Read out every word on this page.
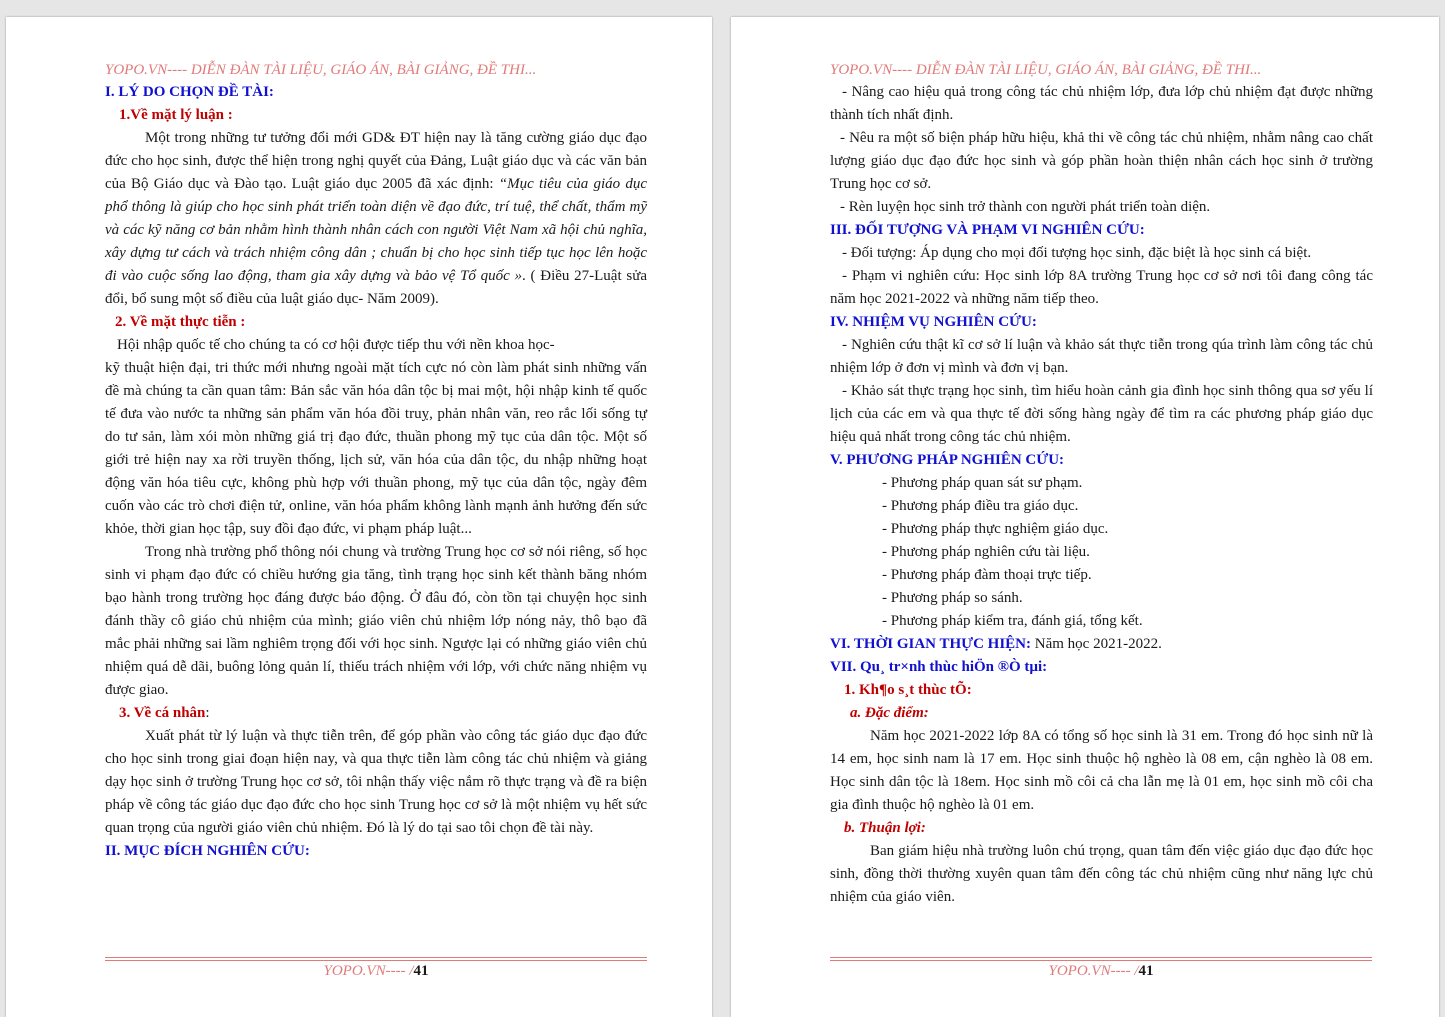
YOPO.VN---- DIỄN ĐÀN TÀI LIỆU, GIÁO ÁN, BÀI GIẢNG, ĐỀ THI...
I. LÝ DO CHỌN ĐỀ TÀI:
1.Về mặt lý luận :

Một trong những tư tưởng đổi mới GD& ĐT hiện nay là tăng cường giáo dục đạo đức cho học sinh, được thể hiện trong nghị quyết của Đảng, Luật giáo dục và các văn bản của Bộ Giáo dục và Đào tạo. Luật giáo dục 2005 đã xác định: “Mục tiêu của giáo dục phổ thông là giúp cho học sinh phát triển toàn diện về đạo đức, trí tuệ, thể chất, thẩm mỹ và các kỹ năng cơ bản nhằm hình thành nhân cách con người Việt Nam xã hội chủ nghĩa, xây dựng tư cách và trách nhiệm công dân ; chuẩn bị cho học sinh tiếp tục học lên hoặc đi vào cuộc sống lao động, tham gia xây dựng và bảo vệ Tổ quốc ». ( Điều 27-Luật sửa đổi, bổ sung một số điều của luật giáo dục- Năm 2009).

2. Về mặt thực tiễn :

Hội nhập quốc tế cho chúng ta có cơ hội được tiếp thu với nền khoa học-

kỹ thuật hiện đại, tri thức mới nhưng ngoài mặt tích cực nó còn làm phát sinh những vấn đề mà chúng ta cần quan tâm: Bản sắc văn hóa dân tộc bị mai một, hội nhập kinh tế quốc tế đưa vào nước ta những sản phẩm văn hóa đồi truỵ, phản nhân văn, reo rắc lối sống tự do tư sản, làm xói mòn những giá trị đạo đức, thuần phong mỹ tục của dân tộc. Một số giới trẻ hiện nay xa rời truyền thống, lịch sử, văn hóa của dân tộc, du nhập những hoạt động văn hóa tiêu cực, không phù hợp với thuần phong, mỹ tục của dân tộc, ngày đêm cuốn vào các trò chơi điện tử, online, văn hóa phẩm không lành mạnh ảnh hưởng đến sức khỏe, thời gian học tập, suy đồi đạo đức, vi phạm pháp luật...

Trong nhà trường phổ thông nói chung và trường Trung học cơ sở nói riêng, số học sinh vi phạm đạo đức có chiều hướng gia tăng, tình trạng học sinh kết thành băng nhóm bạo hành trong trường học đáng được báo động. Ở đâu đó, còn tồn tại chuyện học sinh đánh thầy cô giáo chủ nhiệm của mình; giáo viên chủ nhiệm lớp nóng nảy, thô bạo đã mắc phải những sai lầm nghiêm trọng đối với học sinh. Ngược lại có những giáo viên chủ nhiệm quá dễ dãi, buông lỏng quản lí, thiếu trách nhiệm với lớp, với chức năng nhiệm vụ được giao.

3. Về cá nhân:

Xuất phát từ lý luận và thực tiễn trên, để góp phần vào công tác giáo dục đạo đức cho học sinh trong giai đoạn hiện nay, và qua thực tiễn làm công tác chủ nhiệm và giảng dạy học sinh ở trường Trung học cơ sở, tôi nhận thấy việc nắm rõ thực trạng và đề ra biện pháp về công tác giáo dục đạo đức cho học sinh Trung học cơ sở là một nhiệm vụ hết sức quan trọng của người giáo viên chủ nhiệm. Đó là lý do tại sao tôi chọn đề tài này.

II. MỤC ĐÍCH NGHIÊN CỨU:
YOPO.VN---- /41
YOPO.VN---- DIỄN ĐÀN TÀI LIỆU, GIÁO ÁN, BÀI GIẢNG, ĐỀ THI...

- Nâng cao hiệu quả trong công tác chủ nhiệm lớp, đưa lớp chủ nhiệm đạt được những thành tích nhất định.

- Nêu ra một số biện pháp hữu hiệu, khả thi về công tác chủ nhiệm, nhằm nâng cao chất lượng giáo dục đạo đức học sinh và góp phần hoàn thiện nhân cách học sinh ở trường Trung học cơ sở.

- Rèn luyện học sinh trở thành con người phát triển toàn diện.

III. ĐỐI TƯỢNG VÀ PHẠM VI NGHIÊN CỨU:

- Đối tượng: Áp dụng cho mọi đối tượng học sinh, đặc biệt là học sinh cá biệt.

- Phạm vi nghiên cứu: Học sinh lớp 8A trường Trung học cơ sở nơi tôi đang công tác năm học 2021-2022 và những năm tiếp theo.

IV. NHIỆM VỤ NGHIÊN CỨU:

- Nghiên cứu thật kĩ cơ sở lí luận và khảo sát thực tiễn trong qúa trình làm công tác chủ nhiệm lớp ở đơn vị mình và đơn vị bạn.

- Khảo sát thực trạng học sinh, tìm hiểu hoàn cảnh gia đình học sinh thông qua sơ yếu lí lịch của các em và qua thực tế đời sống hàng ngày để tìm ra các phương pháp giáo dục hiệu quả nhất trong công tác chủ nhiệm.

V. PHƯƠNG PHÁP NGHIÊN CỨU:

- Phương pháp quan sát sư phạm.

- Phương pháp điều tra giáo dục.

- Phương pháp thực nghiệm giáo dục.

- Phương pháp nghiên cứu tài liệu.

- Phương pháp đàm thoại trực tiếp.

- Phương pháp so sánh.

- Phương pháp kiểm tra, đánh giá, tổng kết.

VI. THỜI GIAN THỰC HIỆN: Năm học 2021-2022.
VII. Qu¸ tr×nh thùc hiÖn ®Ò tµi:
1. Kh¶o s¸t thùc tÕ:
a. Đặc điểm:

Năm học 2021-2022 lớp 8A có tổng số học sinh là 31 em. Trong đó học sinh nữ là 14 em, học sinh nam là 17 em. Học sinh thuộc hộ nghèo là 08 em, cận nghèo là 08 em. Học sinh dân tộc là 18em. Học sinh mồ côi cả cha lẫn mẹ là 01 em, học sinh mồ côi cha gia đình thuộc hộ nghèo là 01 em.

b. Thuận lợi:

Ban giám hiệu nhà trường luôn chú trọng, quan tâm đến việc giáo dục đạo đức học sinh, đồng thời thường xuyên quan tâm đến công tác chủ nhiệm cũng như năng lực chủ nhiệm của giáo viên.

YOPO.VN---- /41
